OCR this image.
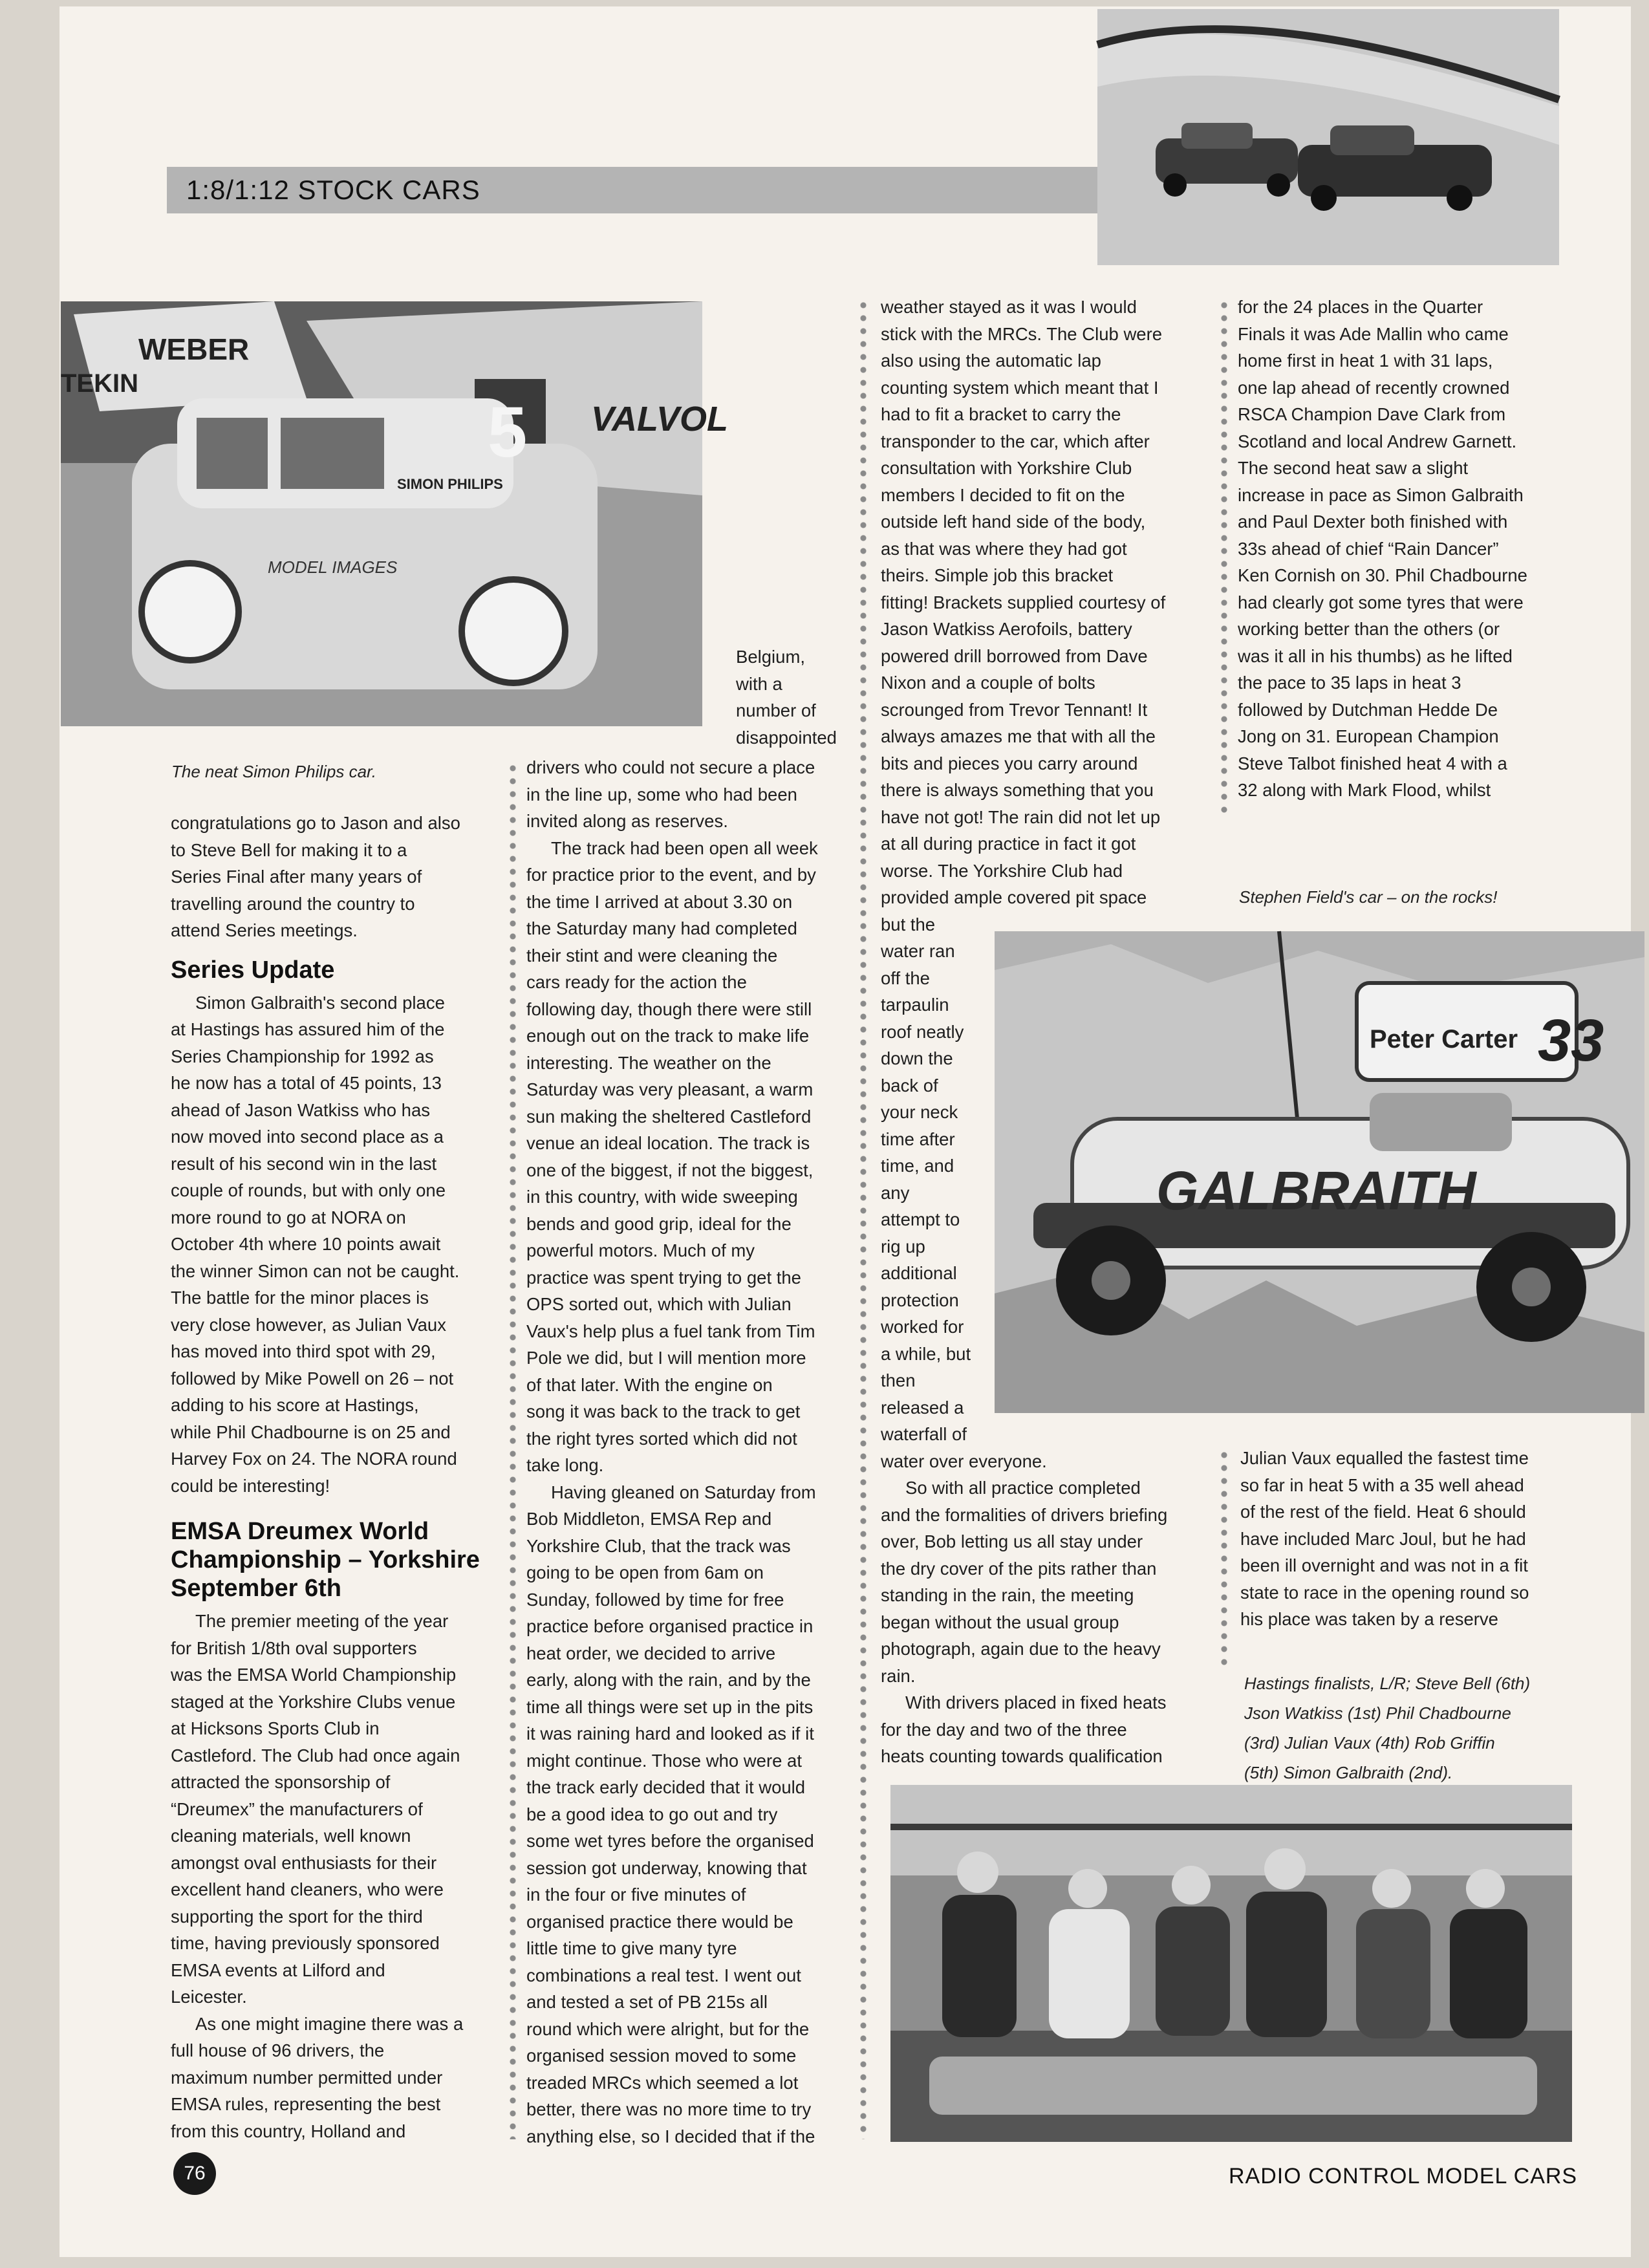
1:8/1:12 STOCK CARS
WEBER
TEKIN
VALVOL
5
SIMON PHILIPS
MODEL IMAGES
The neat Simon Philips car.

congratulations go to Jason and also

to Steve Bell for making it to a

Series Final after many years of

travelling around the country to

attend Series meetings.

Series Update

Simon Galbraith's second place

at Hastings has assured him of the

Series Championship for 1992 as

he now has a total of 45 points, 13

ahead of Jason Watkiss who has

now moved into second place as a

result of his second win in the last

couple of rounds, but with only one

more round to go at NORA on

October 4th where 10 points await

the winner Simon can not be caught.

The battle for the minor places is

very close however, as Julian Vaux

has moved into third spot with 29,

followed by Mike Powell on 26 – not

adding to his score at Hastings,

while Phil Chadbourne is on 25 and

Harvey Fox on 24. The NORA round

could be interesting!

EMSA Dreumex World
Championship – Yorkshire
September 6th

The premier meeting of the year

for British 1/8th oval supporters

was the EMSA World Championship

staged at the Yorkshire Clubs venue

at Hicksons Sports Club in

Castleford. The Club had once again

attracted the sponsorship of

“Dreumex” the manufacturers of

cleaning materials, well known

amongst oval enthusiasts for their

excellent hand cleaners, who were

supporting the sport for the third

time, having previously sponsored

EMSA events at Lilford and

Leicester.

As one might imagine there was a

full house of 96 drivers, the

maximum number permitted under

EMSA rules, representing the best

from this country, Holland and

Belgium,

with a

number of

disappointed

drivers who could not secure a place

in the line up, some who had been

invited along as reserves.

The track had been open all week

for practice prior to the event, and by

the time I arrived at about 3.30 on

the Saturday many had completed

their stint and were cleaning the

cars ready for the action the

following day, though there were still

enough out on the track to make life

interesting. The weather on the

Saturday was very pleasant, a warm

sun making the sheltered Castleford

venue an ideal location. The track is

one of the biggest, if not the biggest,

in this country, with wide sweeping

bends and good grip, ideal for the

powerful motors. Much of my

practice was spent trying to get the

OPS sorted out, which with Julian

Vaux's help plus a fuel tank from Tim

Pole we did, but I will mention more

of that later. With the engine on

song it was back to the track to get

the right tyres sorted which did not

take long.

Having gleaned on Saturday from

Bob Middleton, EMSA Rep and

Yorkshire Club, that the track was

going to be open from 6am on

Sunday, followed by time for free

practice before organised practice in

heat order, we decided to arrive

early, along with the rain, and by the

time all things were set up in the pits

it was raining hard and looked as if it

might continue. Those who were at

the track early decided that it would

be a good idea to go out and try

some wet tyres before the organised

session got underway, knowing that

in the four or five minutes of

organised practice there would be

little time to give many tyre

combinations a real test. I went out

and tested a set of PB 215s all

round which were alright, but for the

organised session moved to some

treaded MRCs which seemed a lot

better, there was no more time to try

anything else, so I decided that if the

weather stayed as it was I would

stick with the MRCs. The Club were

also using the automatic lap

counting system which meant that I

had to fit a bracket to carry the

transponder to the car, which after

consultation with Yorkshire Club

members I decided to fit on the

outside left hand side of the body,

as that was where they had got

theirs. Simple job this bracket

fitting! Brackets supplied courtesy of

Jason Watkiss Aerofoils, battery

powered drill borrowed from Dave

Nixon and a couple of bolts

scrounged from Trevor Tennant! It

always amazes me that with all the

bits and pieces you carry around

there is always something that you

have not got! The rain did not let up

at all during practice in fact it got

worse. The Yorkshire Club had

provided ample covered pit space

but the

water ran

off the

tarpaulin

roof neatly

down the

back of

your neck

time after

time, and

any

attempt to

rig up

additional

protection

worked for

a while, but

then

released a

waterfall of

water over everyone.

So with all practice completed

and the formalities of drivers briefing

over, Bob letting us all stay under

the dry cover of the pits rather than

standing in the rain, the meeting

began without the usual group

photograph, again due to the heavy

rain.

With drivers placed in fixed heats

for the day and two of the three

heats counting towards qualification

for the 24 places in the Quarter

Finals it was Ade Mallin who came

home first in heat 1 with 31 laps,

one lap ahead of recently crowned

RSCA Champion Dave Clark from

Scotland and local Andrew Garnett.

The second heat saw a slight

increase in pace as Simon Galbraith

and Paul Dexter both finished with

33s ahead of chief “Rain Dancer”

Ken Cornish on 30. Phil Chadbourne

had clearly got some tyres that were

working better than the others (or

was it all in his thumbs) as he lifted

the pace to 35 laps in heat 3

followed by Dutchman Hedde De

Jong on 31. European Champion

Steve Talbot finished heat 4 with a

32 along with Mark Flood, whilst

Stephen Field's car – on the rocks!
33
Peter Carter
GALBRAITH

Julian Vaux equalled the fastest time

so far in heat 5 with a 35 well ahead

of the rest of the field. Heat 6 should

have included Marc Joul, but he had

been ill overnight and was not in a fit

state to race in the opening round so

his place was taken by a reserve

Hastings finalists, L/R; Steve Bell (6th)
Json Watkiss (1st) Phil Chadbourne
(3rd) Julian Vaux (4th) Rob Griffin
(5th) Simon Galbraith (2nd).
76	RADIO CONTROL MODEL CARS
